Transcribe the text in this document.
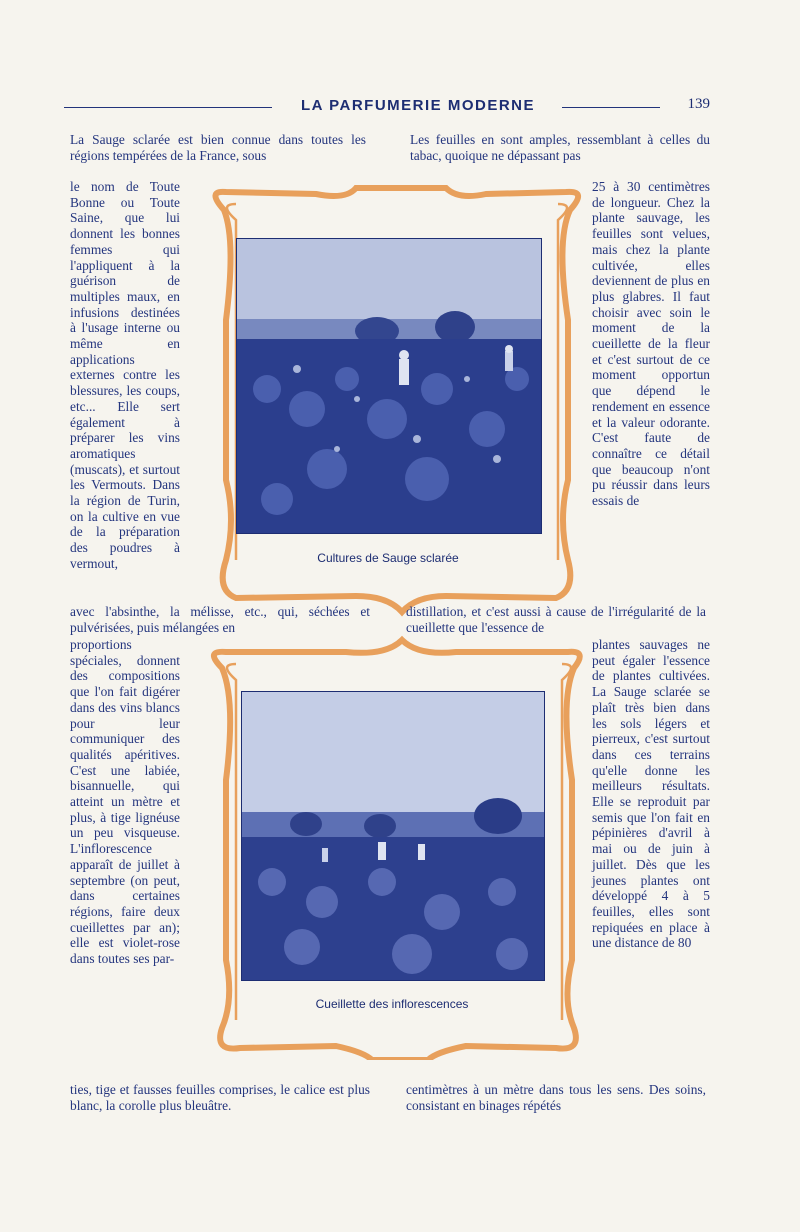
LA PARFUMERIE MODERNE	139
Cultures de Sauge sclarée
Cueillette des inflorescences
La Sauge sclarée est bien connue dans toutes les régions tempérées de la France, sous
Les feuilles en sont amples, ressemblant à celles du tabac, quoique ne dépassant pas
le nom de Toute Bonne ou Toute Saine, que lui donnent les bonnes femmes qui l'appliquent à la guérison de multiples maux, en infusions destinées à l'usage interne ou même en applications externes contre les blessures, les coups, etc... Elle sert également à préparer les vins aromatiques (muscats), et surtout les Vermouts. Dans la région de Turin, on la cultive en vue de la préparation des poudres à vermout,
25 à 30 centimètres de longueur. Chez la plante sauvage, les feuilles sont velues, mais chez la plante cultivée, elles deviennent de plus en plus glabres. Il faut choisir avec soin le moment de la cueillette de la fleur et c'est surtout de ce moment opportun que dépend le rendement en essence et la valeur odorante. C'est faute de connaître ce détail que beaucoup n'ont pu réussir dans leurs essais de
avec l'absinthe, la mélisse, etc., qui, séchées et pulvérisées, puis mélangées endistillation, et c'est aussi à cause de l'irrégularité de la cueillette que l'essence de
proportions spéciales, donnent des compositions que l'on fait digérer dans des vins blancs pour leur communiquer des qualités apéritives. C'est une labiée, bisannuelle, qui atteint un mètre et plus, à tige lignéuse un peu visqueuse. L'inflorescence apparaît de juillet à septembre (on peut, dans certaines régions, faire deux cueillettes par an); elle est violet-rose dans toutes ses par-
plantes sauvages ne peut égaler l'essence de plantes cultivées. La Sauge sclarée se plaît très bien dans les sols légers et pierreux, c'est surtout dans ces terrains qu'elle donne les meilleurs résultats. Elle se reproduit par semis que l'on fait en pépinières d'avril à mai ou de juin à juillet. Dès que les jeunes plantes ont développé 4 à 5 feuilles, elles sont repiquées en place à une distance de 80
ties, tige et fausses feuilles comprises, le calice est plus blanc, la corolle plus bleuâtre.centimètres à un mètre dans tous les sens. Des soins, consistant en binages répétés
